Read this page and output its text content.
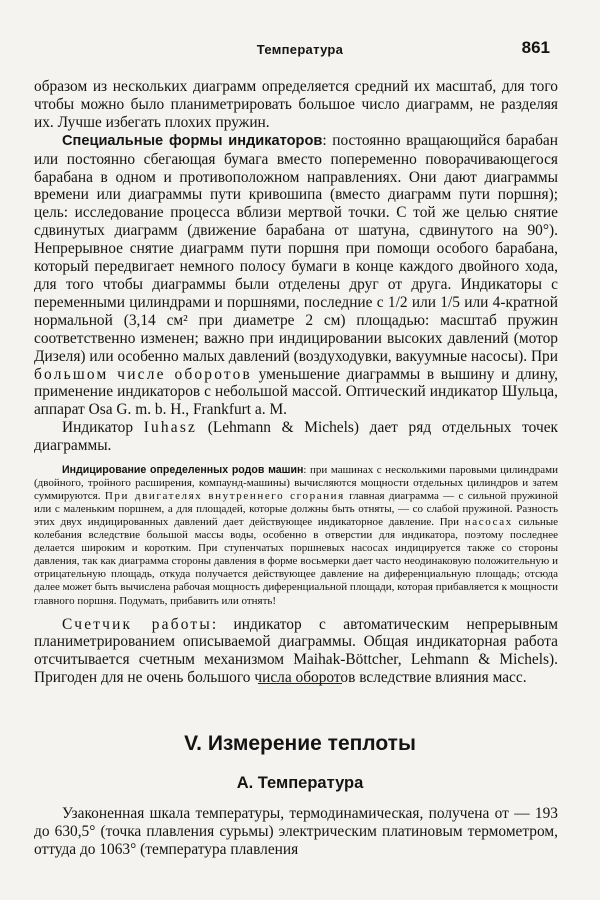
Температура	861

образом из нескольких диаграмм определяется средний их масштаб, для того чтобы можно было планиметрировать большое число диаграмм, не разделяя их. Лучше избегать плохих пружин.

Специальные формы индикаторов: постоянно вращающийся барабан или постоянно сбегающая бумага вместо попеременно поворачивающегося барабана в одном и противоположном направлениях. Они дают диаграммы времени или диаграммы пути кривошипа (вместо диаграмм пути поршня); цель: исследование процесса вблизи мертвой точки. С той же целью снятие сдвинутых диаграмм (движение барабана от шатуна, сдвинутого на 90°). Непрерывное снятие диаграмм пути поршня при помощи особого барабана, который передвигает немного полосу бумаги в конце каждого двойного хода, для того чтобы диаграммы были отделены друг от друга. Индикаторы с переменными цилиндрами и поршнями, последние с 1/2 или 1/5 или 4-кратной нормальной (3,14 см² при диаметре 2 см) площадью: масштаб пружин соответственно изменен; важно при индицировании высоких давлений (мотор Дизеля) или особенно малых давлений (воздуходувки, вакуумные насосы). При большом числе оборотов уменьшение диаграммы в вышину и длину, применение индикаторов с небольшой массой. Оптический индикатор Шульца, аппарат Osa G. m. b. H., Frankfurt a. M.

Индикатор Iuhasz (Lehmann & Michels) дает ряд отдельных точек диаграммы.

Индицирование определенных родов машин: при машинах с несколькими паровыми цилиндрами (двойного, тройного расширения, компаунд-машины) вычисляются мощности отдельных цилиндров и затем суммируются. При двигателях внутреннего сгорания главная диаграмма — с сильной пружиной или с маленьким поршнем, а для площадей, которые должны быть отняты, — со слабой пружиной. Разность этих двух индицированных давлений дает действующее индикаторное давление. При насосах сильные колебания вследствие большой массы воды, особенно в отверстии для индикатора, поэтому последнее делается широким и коротким. При ступенчатых поршневых насосах индицируется также со стороны давления, так как диаграмма стороны давления в форме восьмерки дает часто неодинаковую положительную и отрицательную площадь, откуда получается действующее давление на диференциальную площадь; отсюда далее может быть вычислена рабочая мощность диференциальной площади, которая прибавляется к мощности главного поршня. Подумать, прибавить или отнять!

Счетчик работы: индикатор с автоматическим непрерывным планиметрированием описываемой диаграммы. Общая индикаторная работа отсчитывается счетным механизмом Maihak-Böttcher, Lehmann & Michels). Пригоден для не очень большого числа оборотов вследствие влияния масс.

V. Измерение теплоты
А. Температура

Узаконенная шкала температуры, термодинамическая, получена от — 193 до 630,5° (точка плавления сурьмы) электрическим платиновым термометром, оттуда до 1063° (температура плавления
